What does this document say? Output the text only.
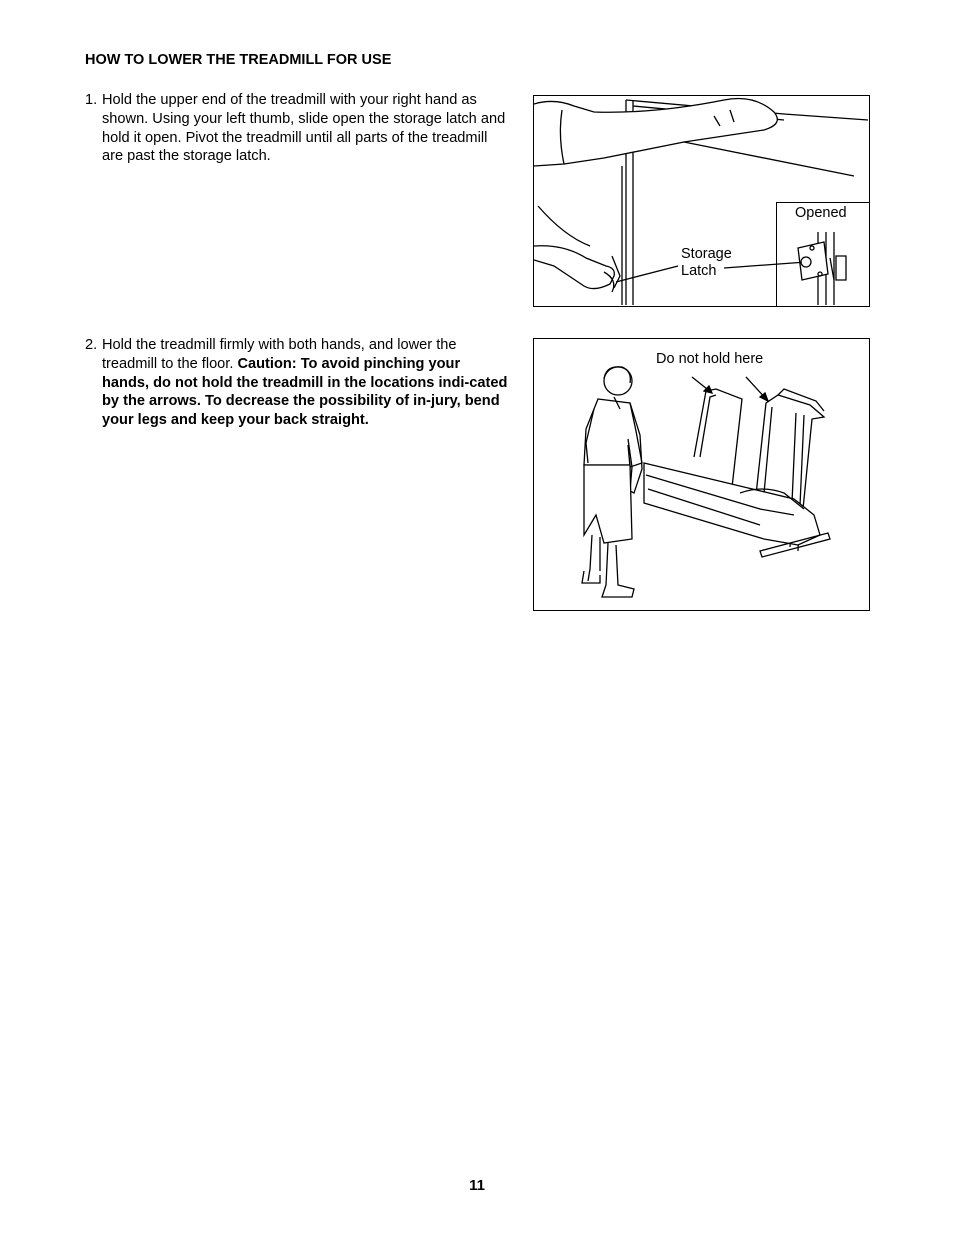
HOW TO LOWER THE TREADMILL FOR USE
1. Hold the upper end of the treadmill with your right hand as shown. Using your left thumb, slide open the storage latch and hold it open. Pivot the treadmill until all parts of the treadmill are past the storage latch.
2. Hold the treadmill firmly with both hands, and lower the treadmill to the floor. Caution: To avoid pinching your hands, do not hold the treadmill in the locations indi-cated by the arrows. To decrease the possibility of in-jury, bend your legs and keep your back straight.
Opened
Storage
Latch
Do not hold here
11
